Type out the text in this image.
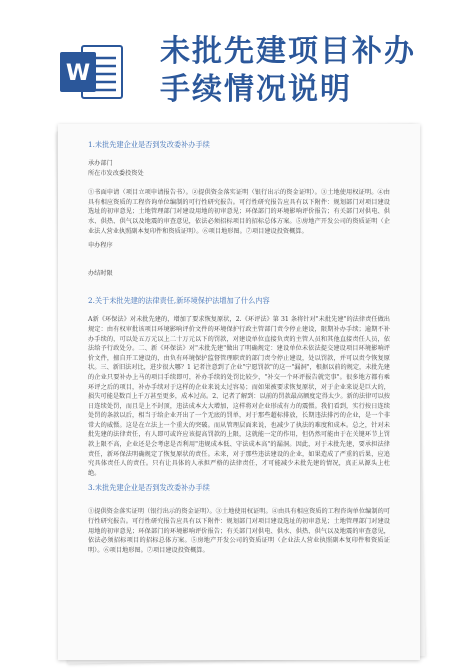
W
未批先建项目补办
手续情况说明
1.未批先建企业是否到发改委补办手续
承办部门
所在市发改委投资处
①书面申请（项目立项申请报告书）。②提供资金落实证明（银行出示的资金证明）。③土地使用权证明。④由具有相应资质的工程咨询单位编制的可行性研究报告。可行性研究报告应具有以下附件：规划部门对项目建设选址的初审意见；土地管理部门对建设用地的初审意见；环保部门的环境影响评价报告；有关部门对供电、供水、供热、供气以及地震的审查意见，依法必须招标项目的招标总体方案。⑤房地产开发公司的资质证明（企业法人营业执照副本复印件和资质证明）。⑥项目地形图。⑦项目建设投资概算。
申办程序
办结时限
2.关于未批先建的法律责任,新环境保护法增加了什么内容
A新《环保法》对未批先建的，增加了要求恢复原状，2.《环评法》第 31 条将针对"未批先建"的法律责任做出规定：由有权审批该项目环境影响评价文件的环境保护行政主管部门责令停止建设，限期补办手续；逾期不补办手续的，可以处五万元以上二十万元以下的罚款，对建设单位直接负责的主管人员和其他直接责任人员，依法给予行政处分。二、新《环保法》对"未批先建"做出了明确规定：建设单位未依法提交建设项目环境影响评价文件，擅自开工建设的，由负有环境保护监督管理职责的部门责令停止建设，处以罚款，并可以责令恢复原状。三、新旧法对比，进步很大哪？1 记者注意到了企业"宁愿罚款"的这一"漏洞"，根据以前的规定，未批先建的企业只要补办上马的项目手续即可，补办手续的处罚比较少，"补交一个环评报告就完事"。很多地方都有乘环评之后的项目，补办手续对于这样的企业来说太过容易；而如果被要求恢复原状，对于企业来说是巨大的，损失可能是数百上千万甚至更多，成本过高。2、记者了解到：以前的罚款最高额度定得太少。新的法律可以按日连续处罚，而且是上不封顶，违法成本大大增加，这样将对企业形成有力的震慑。我们看到，实行按日连续处罚的条款以后，相当于给企业开出了一个无底的罚单，对于那些超标排放，长期违法排污的企业，是一个非常大的威慑。这是在立法上一个重大的突破。而从管理层面来说，也减少了执法的难度和成本。总之，针对未批先建的法律责任，有人即可或许应该提高罚款的上限，这就能一定的作用，但仍然可能由于在关键环节上罚款上限不高，企业还是会考虑是否利用"违规成本低、守法成本高"的漏洞。因此，对于未批先建，要承担法律责任，新环保法明确规定了恢复原状的责任。未来，对于那些违法建设的企业，如果造成了严重的后果，应追究具体责任人的责任。只有让具体的人承担严格的法律责任，才可能减少未批先建的情况，真正从源头上杜绝。
3.未批先建企业是否到发改委补办手续
①提供资金落实证明（银行出示的资金证明）。③土地使用权证明。④由具有相应资质的工程咨询单位编制的可行性研究报告。可行性研究报告应具有以下附件：规划部门对项目建设选址的初审意见；土地管理部门对建设用地的初审意见；环保部门的环境影响评价报告；有关部门对供电、供水、供热、供气以及地震的审查意见，依法必须招标项目的招标总体方案。⑤房地产开发公司的资质证明（企业法人营业执照副本复印件和资质证明）。⑥项目地形图。⑦项目建设投资概算。
